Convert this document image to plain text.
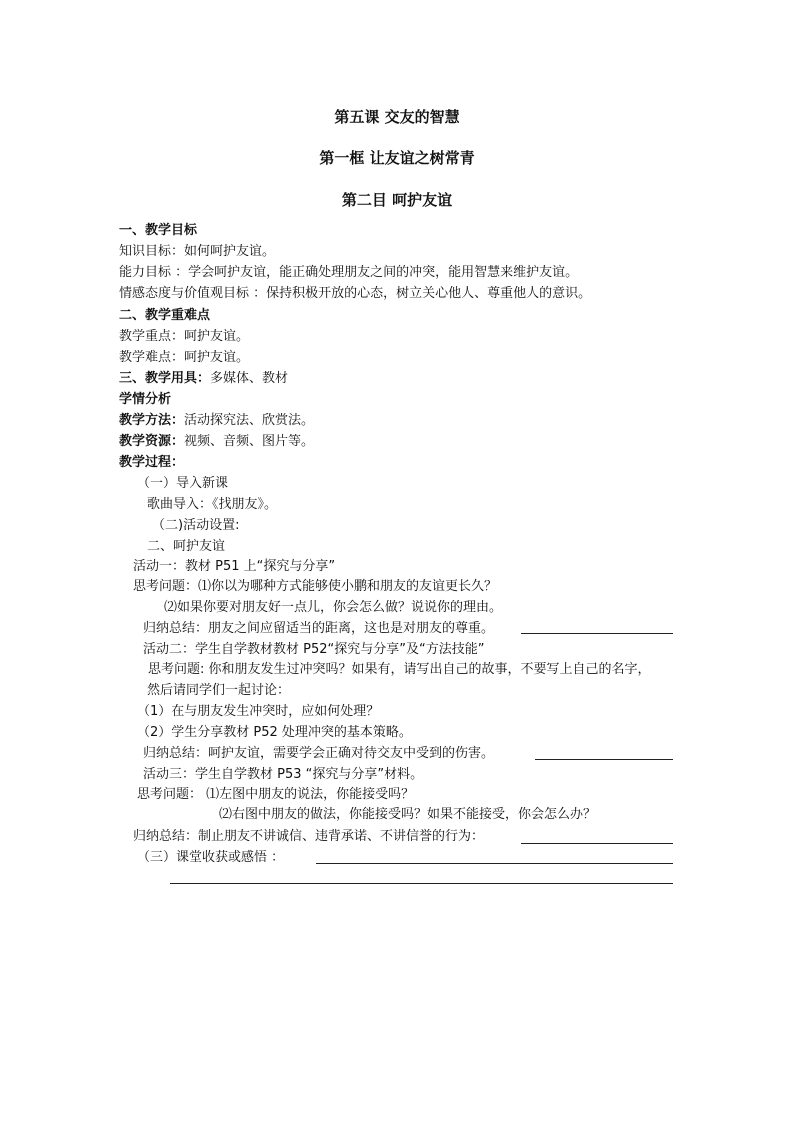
第五课 交友的智慧
第一框 让友谊之树常青
第二目 呵护友谊
一、教学目标
知识目标：如何呵护友谊。
能力目标 ：学会呵护友谊，能正确处理朋友之间的冲突，能用智慧来维护友谊。
情感态度与价值观目标 ：保持积极开放的心态，树立关心他人、尊重他人的意识。
二、教学重难点
教学重点：呵护友谊。
教学难点：呵护友谊。
三、教学用具：多媒体、教材
学情分析
教学方法：活动探究法、欣赏法。
教学资源：视频、音频、图片等。
教学过程：
（一）导入新课
歌曲导入：《找朋友》。
（二)活动设置:
二、呵护友谊
活动一：教材 P51 上“探究与分享”
思考问题：⑴你以为哪种方式能够使小鹏和朋友的友谊更长久？
⑵如果你要对朋友好一点儿，你会怎么做？说说你的理由。
归纳总结：朋友之间应留适当的距离，这也是对朋友的尊重。
活动二：学生自学教材教材 P52“探究与分享”及“方法技能”
思考问题: 你和朋友发生过冲突吗？如果有，请写出自己的故事，不要写上自己的名字，
然后请同学们一起讨论：
（1）在与朋友发生冲突时，应如何处理？
（2）学生分享教材 P52 处理冲突的基本策略。
归纳总结：呵护友谊，需要学会正确对待交友中受到的伤害。
活动三：学生自学教材 P53 “探究与分享”材料。
思考问题： ⑴左图中朋友的说法，你能接受吗？
⑵右图中朋友的做法，你能接受吗？如果不能接受，你会怎么办？
归纳总结：制止朋友不讲诚信、违背承诺、不讲信誉的行为：
（三）课堂收获或感悟 ：
